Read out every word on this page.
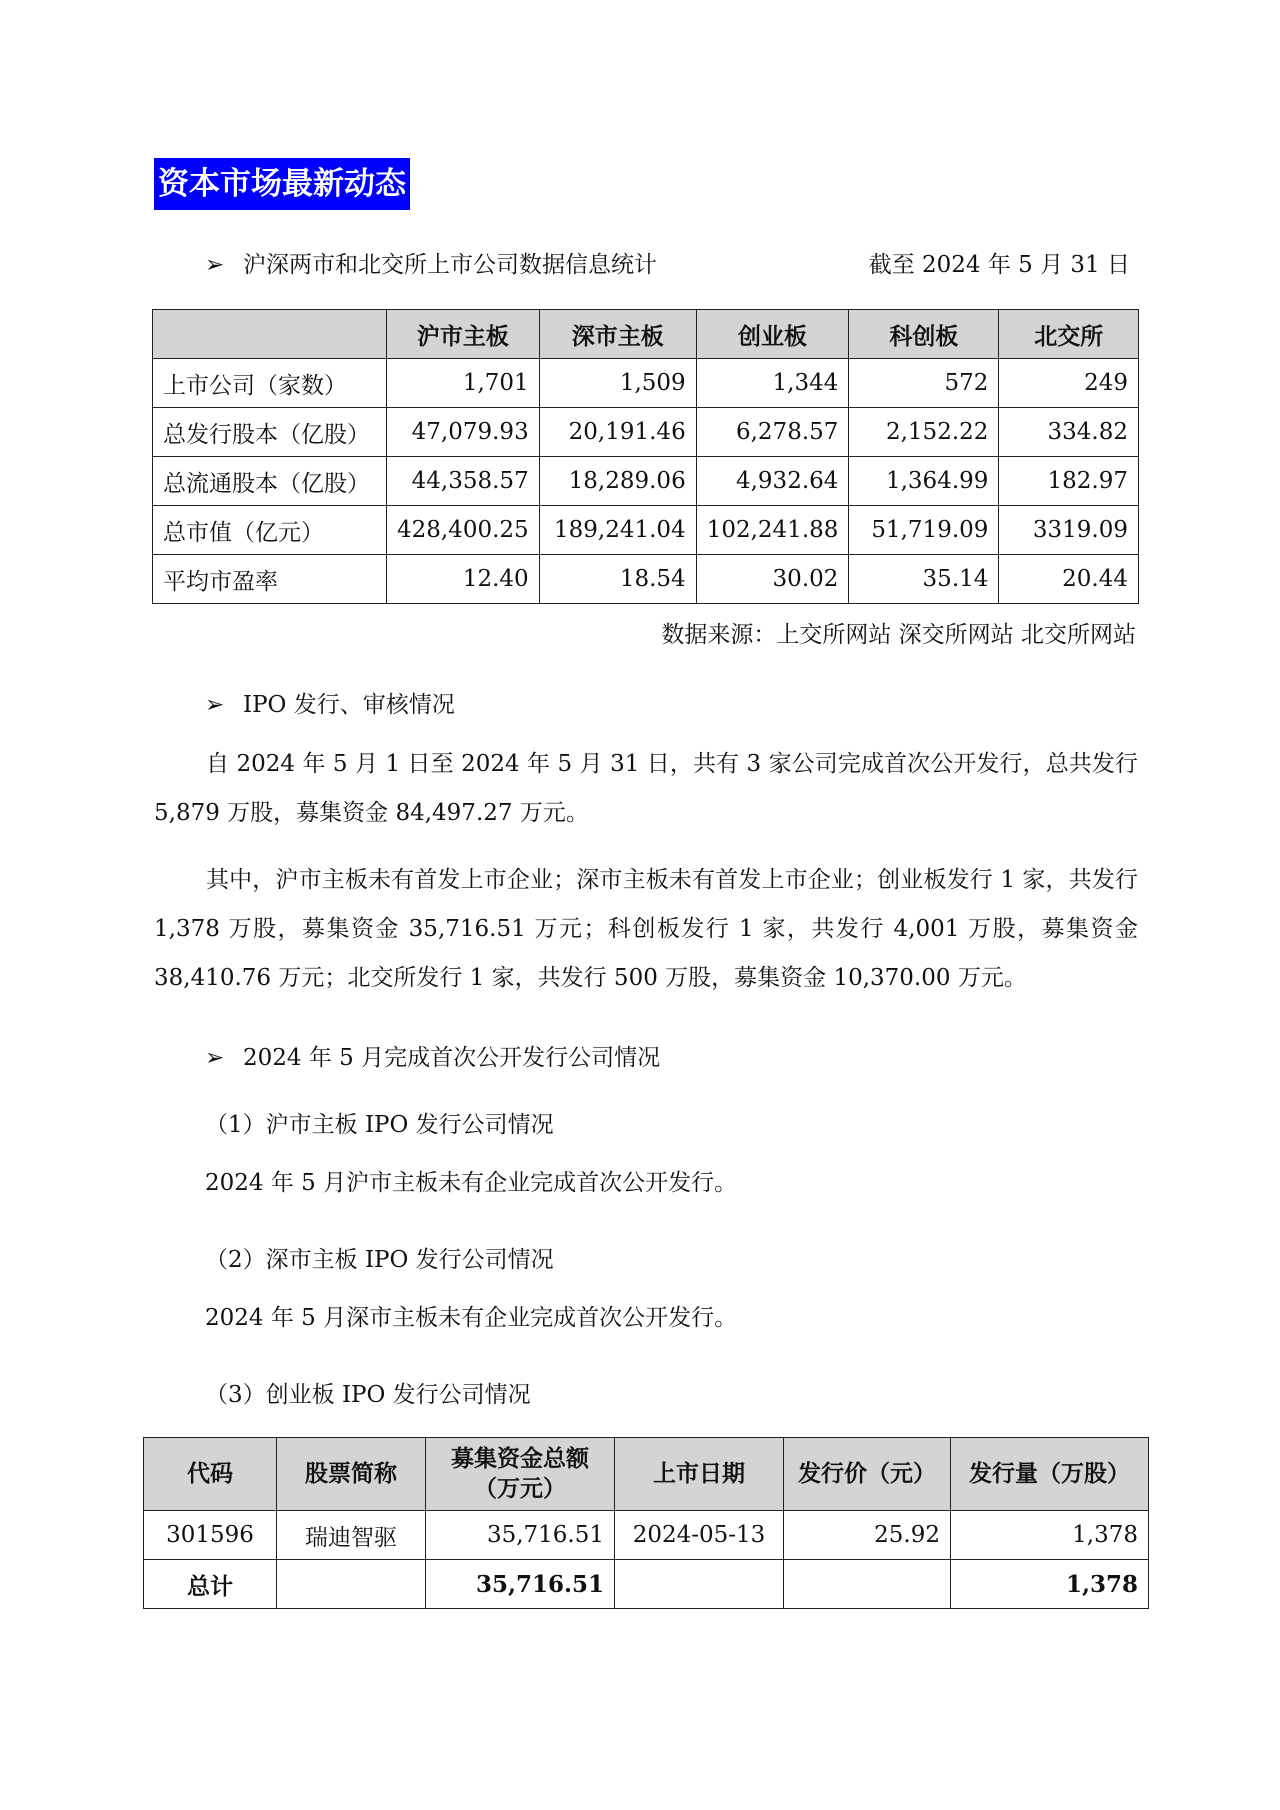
资本市场最新动态
➢ 沪深两市和北交所上市公司数据信息统计	截至 2024 年 5 月 31 日
	沪市主板	深市主板	创业板	科创板	北交所
上市公司（家数）	1,701	1,509	1,344	572	249
总发行股本（亿股）	47,079.93	20,191.46	6,278.57	2,152.22	334.82
总流通股本（亿股）	44,358.57	18,289.06	4,932.64	1,364.99	182.97
总市值（亿元）	428,400.25	189,241.04	102,241.88	51,719.09	3319.09
平均市盈率	12.40	18.54	30.02	35.14	20.44
数据来源：上交所网站 深交所网站 北交所网站
➢ IPO 发行、审核情况

自 2024 年 5 月 1 日至 2024 年 5 月 31 日，共有 3 家公司完成首次公开发行，总共发行 5,879 万股，募集资金 84,497.27 万元。

其中，沪市主板未有首发上市企业；深市主板未有首发上市企业；创业板发行 1 家，共发行 1,378 万股，募集资金 35,716.51 万元；科创板发行 1 家，共发行 4,001 万股，募集资金 38,410.76 万元；北交所发行 1 家，共发行 500 万股，募集资金 10,370.00 万元。

➢ 2024 年 5 月完成首次公开发行公司情况
（1）沪市主板 IPO 发行公司情况
2024 年 5 月沪市主板未有企业完成首次公开发行。
（2）深市主板 IPO 发行公司情况
2024 年 5 月深市主板未有企业完成首次公开发行。
（3）创业板 IPO 发行公司情况
代码	股票简称	募集资金总额（万元）	上市日期	发行价（元）	发行量（万股）
301596	瑞迪智驱	35,716.51	2024-05-13	25.92	1,378
总计		35,716.51			1,378
